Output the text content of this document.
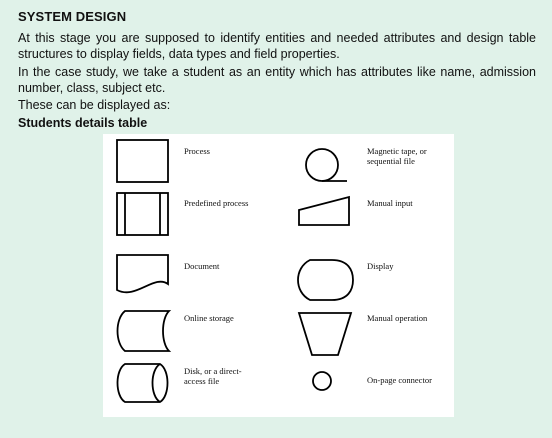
SYSTEM DESIGN
At this stage you are supposed to identify entities and needed attributes and design table structures to display fields, data types and field properties.
In the case study, we take a student as an entity which has attributes like name, admission number, class, subject etc.
These can be displayed as:
Students details table
Process	Magnetic tape, or
sequential file
Predefined process	Manual input
Document	Display
Online storage	Manual operation
Disk, or a direct-
access file	On-page connector
